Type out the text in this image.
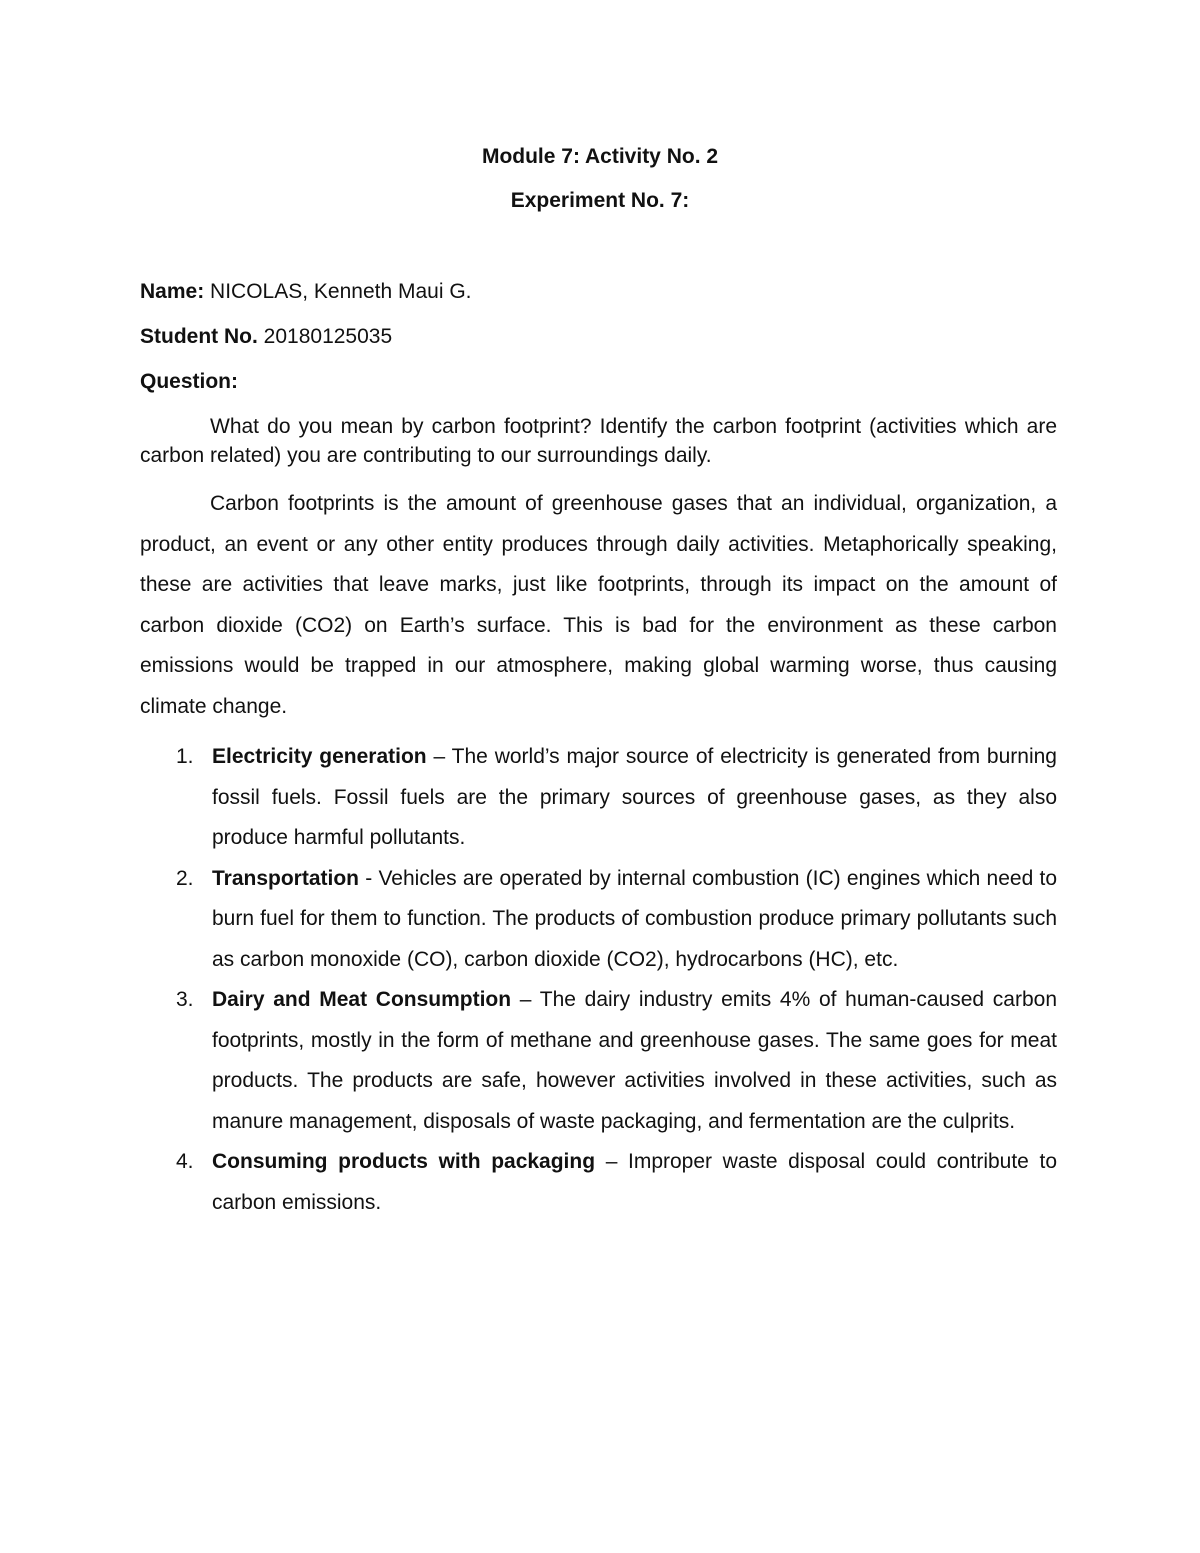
Module 7: Activity No. 2
Experiment No. 7:
Name: NICOLAS, Kenneth Maui G.
Student No. 20180125035
Question:

What do you mean by carbon footprint? Identify the carbon footprint (activities which are carbon related) you are contributing to our surroundings daily.

Carbon footprints is the amount of greenhouse gases that an individual, organization, a product, an event or any other entity produces through daily activities. Metaphorically speaking, these are activities that leave marks, just like footprints, through its impact on the amount of carbon dioxide (CO2) on Earth’s surface. This is bad for the environment as these carbon emissions would be trapped in our atmosphere, making global warming worse, thus causing climate change.

1. Electricity generation – The world’s major source of electricity is generated from burning fossil fuels. Fossil fuels are the primary sources of greenhouse gases, as they also produce harmful pollutants.
2. Transportation - Vehicles are operated by internal combustion (IC) engines which need to burn fuel for them to function. The products of combustion produce primary pollutants such as carbon monoxide (CO), carbon dioxide (CO2), hydrocarbons (HC), etc.
3. Dairy and Meat Consumption – The dairy industry emits 4% of human-caused carbon footprints, mostly in the form of methane and greenhouse gases. The same goes for meat products. The products are safe, however activities involved in these activities, such as manure management, disposals of waste packaging, and fermentation are the culprits.
4. Consuming products with packaging – Improper waste disposal could contribute to carbon emissions.
